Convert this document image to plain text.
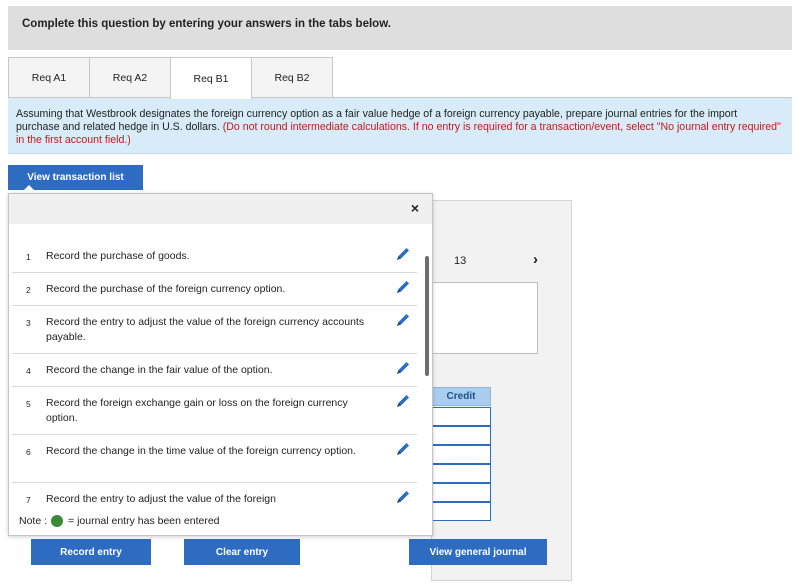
Complete this question by entering your answers in the tabs below.
Req A1	Req A2	Req B1	Req B2
Assuming that Westbrook designates the foreign currency option as a fair value hedge of a foreign currency payable, prepare journal entries for the import purchase and related hedge in U.S. dollars. (Do not round intermediate calculations. If no entry is required for a transaction/event, select "No journal entry required" in the first account field.)
View transaction list
13	›
Credit
×
1 Record the purchase of goods.
2 Record the purchase of the foreign currency option.
3 Record the entry to adjust the value of the foreign currency accounts payable.
4 Record the change in the fair value of the option.
5 Record the foreign exchange gain or loss on the foreign currency option.
6 Record the change in the time value of the foreign currency option.
7 Record the entry to adjust the value of the foreign
Note : = journal entry has been entered
Record entry	Clear entry	View general journal
